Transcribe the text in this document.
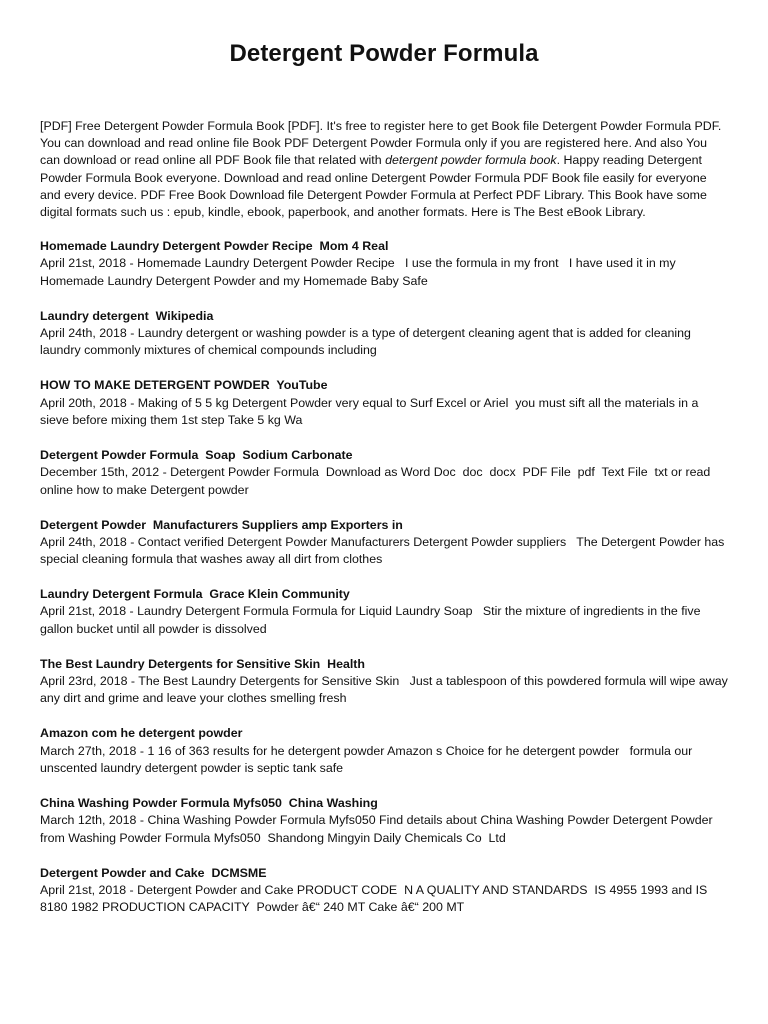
Detergent Powder Formula

[PDF] Free Detergent Powder Formula Book [PDF]. It's free to register here to get Book file Detergent Powder Formula PDF. You can download and read online file Book PDF Detergent Powder Formula only if you are registered here. And also You can download or read online all PDF Book file that related with detergent powder formula book. Happy reading Detergent Powder Formula Book everyone. Download and read online Detergent Powder Formula PDF Book file easily for everyone and every device. PDF Free Book Download file Detergent Powder Formula at Perfect PDF Library. This Book have some digital formats such us : epub, kindle, ebook, paperbook, and another formats. Here is The Best eBook Library.

Homemade Laundry Detergent Powder Recipe  Mom 4 Real

April 21st, 2018 - Homemade Laundry Detergent Powder Recipe   I use the formula in my front   I have used it in my Homemade Laundry Detergent Powder and my Homemade Baby Safe

Laundry detergent  Wikipedia

April 24th, 2018 - Laundry detergent or washing powder is a type of detergent cleaning agent that is added for cleaning laundry commonly mixtures of chemical compounds including

HOW TO MAKE DETERGENT POWDER  YouTube

April 20th, 2018 - Making of 5 5 kg Detergent Powder very equal to Surf Excel or Ariel  you must sift all the materials in a sieve before mixing them 1st step Take 5 kg Wa

Detergent Powder Formula  Soap  Sodium Carbonate

December 15th, 2012 - Detergent Powder Formula  Download as Word Doc  doc  docx  PDF File  pdf  Text File  txt or read online how to make Detergent powder

Detergent Powder  Manufacturers Suppliers amp Exporters in

April 24th, 2018 - Contact verified Detergent Powder Manufacturers Detergent Powder suppliers   The Detergent Powder has special cleaning formula that washes away all dirt from clothes

Laundry Detergent Formula  Grace Klein Community

April 21st, 2018 - Laundry Detergent Formula Formula for Liquid Laundry Soap   Stir the mixture of ingredients in the five gallon bucket until all powder is dissolved

The Best Laundry Detergents for Sensitive Skin  Health

April 23rd, 2018 - The Best Laundry Detergents for Sensitive Skin   Just a tablespoon of this powdered formula will wipe away any dirt and grime and leave your clothes smelling fresh

Amazon com he detergent powder

March 27th, 2018 - 1 16 of 363 results for he detergent powder Amazon s Choice for he detergent powder   formula our unscented laundry detergent powder is septic tank safe

China Washing Powder Formula Myfs050  China Washing

March 12th, 2018 - China Washing Powder Formula Myfs050 Find details about China Washing Powder Detergent Powder from Washing Powder Formula Myfs050  Shandong Mingyin Daily Chemicals Co  Ltd

Detergent Powder and Cake  DCMSME

April 21st, 2018 - Detergent Powder and Cake PRODUCT CODE  N A QUALITY AND STANDARDS  IS 4955 1993 and IS 8180 1982 PRODUCTION CAPACITY  Powder â€“ 240 MT Cake â€“ 200 MT
